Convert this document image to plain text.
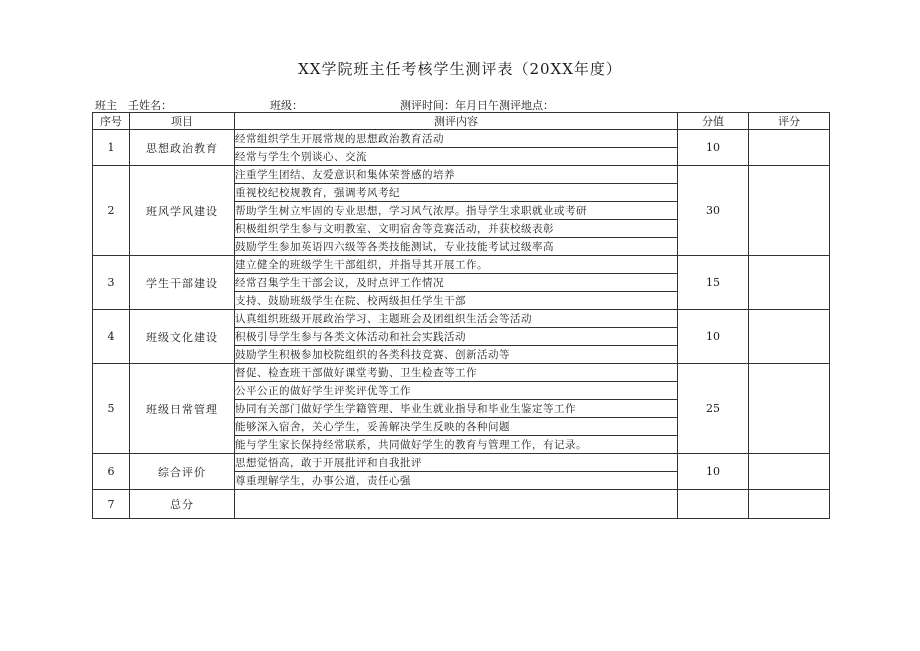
XX学院班主任考核学生测评表（20XX年度）
班主 壬姓名：	班级：	测评时间：年月日午测评地点：
序号	项目	测评内容	分值	评分
1	思想政治教育	经常组织学生开展常规的思想政治教育活动	10	
		经常与学生个别谈心、交流		
2	班风学风建设	注重学生团结、友爱意识和集体荣誉感的培养	30	
		重视校纪校规教育，强调考风考纪		
		帮助学生树立牢固的专业思想，学习风气浓厚。指导学生求职就业或考研		
		积极组织学生参与文明教室、文明宿舍等竞赛活动，并获校级表彰		
		鼓励学生参加英语四六级等各类技能测试，专业技能考试过级率高		
3	学生干部建设	建立健全的班级学生干部组织，并指导其开展工作。	15	
		经常召集学生干部会议，及时点评工作情况		
		支持、鼓励班级学生在院、校两级担任学生干部		
4	班级文化建设	认真组织班级开展政治学习、主题班会及团组织生活会等活动	10	
		积极引导学生参与各类文体活动和社会实践活动		
		鼓励学生积极参加校院组织的各类科技竞赛、创新活动等		
5	班级日常管理	督促、检查班干部做好课堂考勤、卫生检查等工作	25	
		公平公正的做好学生评奖评优等工作		
		协同有关部门做好学生学籍管理、毕业生就业指导和毕业生鉴定等工作		
		能够深入宿舍，关心学生，妥善解决学生反映的各种问题		
		能与学生家长保持经常联系，共同做好学生的教育与管理工作，有记录。		
6	综合评价	思想觉悟高，敢于开展批评和自我批评	10	
		尊重理解学生，办事公道，责任心强		
7	总分			
